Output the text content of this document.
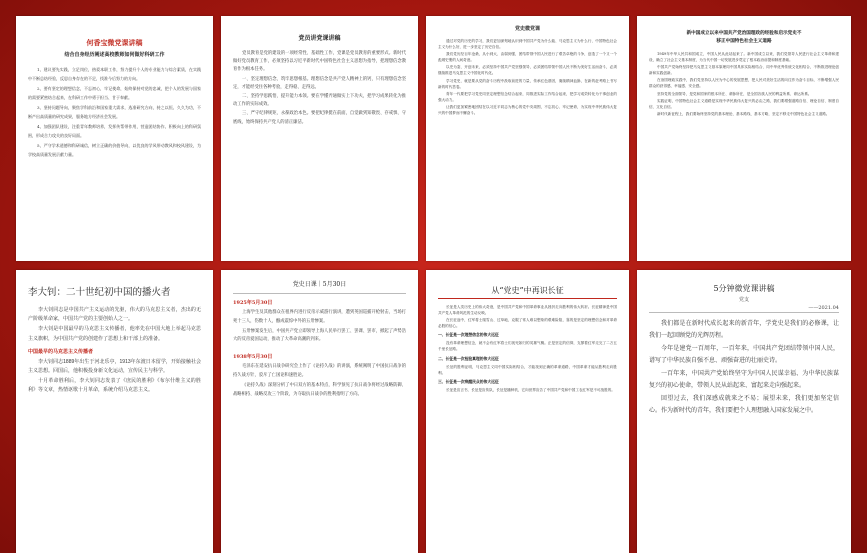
何香宝微党课讲稿
结合自身经历阐述高校教师如何做好科研工作

1、建议要先实践，立足岗位，热爱本职工作，努力提升个人的专业能力与综合素质，在实践中不断总结经验，反思自身存在的不足，找准今后努力的方向。

2、要有坚定的理想信念，不忘初心，牢记使命，始终保持对党的忠诚，把个人的发展与国家的需要紧密结合起来，在科研工作中勇于担当、甘于奉献。

3、坚持问题导向，聚焦学科前沿和国家重大需求，选准研究方向，持之以恒、久久为功，不断产出高质量的研究成果，服务地方经济社会发展。

4、加强团队建设，注重青年教师培养，发挥传帮带作用，营造团结协作、积极向上的科研氛围，形成合力攻关的良好局面。

5、严守学术道德和科研诚信，树立正确的价值导向，以优良的学风带动教风和校风建设，为学校高质量发展贡献力量。

党员讲党课讲稿

党员教育是党的建设的一项经常性、基础性工作，党课是党员教育的重要形式。新时代做好党员教育工作，必须坚持以习近平新时代中国特色社会主义思想为指导，把理想信念教育作为根本任务。

一、坚定理想信念，筑牢思想根基。理想信念是共产党人精神上的钙，只有理想信念坚定，才能经受住各种考验，走得稳、走得远。

二、坚持学思践悟，提升能力本领。要在学懂弄通做实上下功夫，把学习成果转化为推动工作的实际成效。

三、严守纪律规矩，永葆政治本色。要把纪律挺在前面，自觉做到知敬畏、存戒惧、守底线，始终保持共产党人的清正廉洁。

党史微党课

通过对党的历史的学习，我们更加深刻地认识到中国共产党为什么能、马克思主义为什么行、中国特色社会主义为什么好，进一步坚定了历史自信。

我们党历经百年沧桑，从小到大、由弱到强，团结带领中国人民进行了艰苦卓绝的斗争，创造了一个又一个彪炳史册的人间奇迹。

以史为鉴、开创未来，必须坚持中国共产党坚强领导，必须团结带领中国人民不断为美好生活而奋斗，必须继续推进马克思主义中国化时代化。

学习党史，就是要从党的奋斗历程中汲取前进的力量，传承红色基因，赓续精神血脉，在新的赶考路上书写新的时代答卷。

青年一代要把学习党史同坚定理想信念结合起来，同推进实际工作结合起来，把学习成效转化为干事创业的强大动力。

让我们更加紧密地团结在以习近平同志为核心的党中央周围，不忘初心、牢记使命，为实现中华民族伟大复兴的中国梦而不懈奋斗。

新中国成立以来中国共产党治国理政的经验和启示党史不
移正中国特色社会主义道路

1949年中华人民共和国成立，中国人民从此站起来了。新中国成立以来，我们党领导人民进行社会主义革命和建设，确立了社会主义基本制度，为当代中国一切发展进步奠定了根本政治前提和制度基础。

中国共产党始终坚持把马克思主义基本原理同中国具体实际相结合、同中华优秀传统文化相结合，不断推进理论创新和实践创新。

在治国理政实践中，我们党坚持以人民为中心的发展思想，把人民对美好生活的向往作为奋斗目标，不断增强人民群众的获得感、幸福感、安全感。

坚持党的全面领导，是党和国家的根本所在、命脉所在，是全国各族人民的利益所系、命运所系。

实践证明，中国特色社会主义道路是实现中华民族伟大复兴的必由之路，我们要增强道路自信、理论自信、制度自信、文化自信。

新时代新征程上，我们要始终坚持党的基本理论、基本路线、基本方略，坚定不移走中国特色社会主义道路。

李大钊：二十世纪初中国的播火者

李大钊同志是中国共产主义运动的先驱，伟大的马克思主义者，杰出的无产阶级革命家，中国共产党的主要创始人之一。

李大钊是中国最早的马克思主义传播者，他率先在中国大地上举起马克思主义旗帜，为中国共产党的创建作了思想上和干部上的准备。

中国最早的马克思主义传播者

李大钊同志1889年出生于河北乐亭，1913年东渡日本留学，开始接触社会主义思想。回国后，他积极投身新文化运动，宣传民主与科学。

十月革命胜利后，李大钊同志发表了《庶民的胜利》《布尔什维主义的胜利》等文章，热情讴歌十月革命，系统介绍马克思主义。

党史日课｜5月30日
1925年5月30日

上海学生及其他群众在租界内进行反帝示威游行演讲，遭到英国巡捕开枪射击，当场打死十三人，伤数十人，酿成震惊中外的五卅惨案。

五卅惨案发生后，中国共产党立即领导上海人民举行罢工、罢课、罢市，掀起了声势浩大的反帝爱国运动，推动了大革命高潮的到来。

1938年5月30日

毛泽东在延安抗日战争研究会上作了《论持久战》的讲演，系统阐明了中国抗日战争的持久战方针，驳斥了亡国论和速胜论。

《论持久战》深刻分析了中日双方的基本特点，科学预见了抗日战争将经过战略防御、战略相持、战略反攻三个阶段，为夺取抗日战争的胜利指明了方向。

从“党史”中再识长征

长征是人类历史上的伟大奇迹，是中国共产党和中国革命事业从挫折走向胜利的伟大转折。长征精神是中国共产党人革命风范的生动反映。

在长征途中，红军将士爬雪山、过草地，克服了常人难以想象的艰难险阻，靠的是坚定的理想信念和对革命必胜的信心。

一、长征是一次理想信念的伟大远征

没有革命理想信念，就不会有红军将士们视死如归的英雄气概。正是坚定的信仰，支撑着红军走完了二万五千里长征路。

二、长征是一次检验真理的伟大远征

长征的胜利证明，马克思主义同中国实际相结合，才能找到正确的革命道路，中国革命才能从胜利走向胜利。

三、长征是一次唤醒民众的伟大远征

长征是宣言书，长征是宣传队，长征是播种机，它向世界宣告了中国共产党和中国工农红军是不可战胜的。

5分钟微党课讲稿
党支
——2021.04

我们都是在新时代成长起来的新青年，学党史是我们的必修课，让我们一起回顾党的光辉历程。

今年是建党一百周年，一百年来，中国共产党团结带领中国人民，谱写了中华民族自强不息、顽强奋进的壮丽史诗。

一百年来，中国共产党始终坚守为中国人民谋幸福、为中华民族谋复兴的初心使命，带领人民从站起来、富起来走向强起来。

回望过去，我们深感成就来之不易；展望未来，我们更加坚定信心。作为新时代的青年，我们要把个人理想融入国家发展之中。
